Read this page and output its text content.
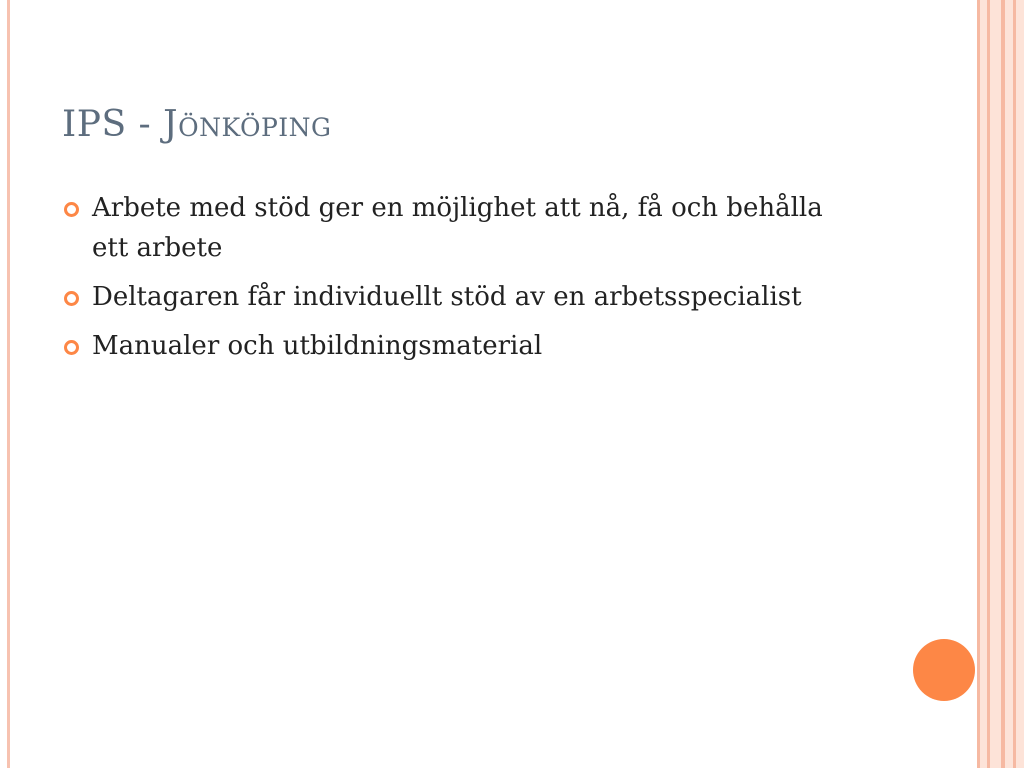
IPS - Jönköping
Arbete med stöd ger en möjlighet att nå, få och behålla ett arbete
Deltagaren får individuellt stöd av en arbetsspecialist
Manualer och utbildningsmaterial
